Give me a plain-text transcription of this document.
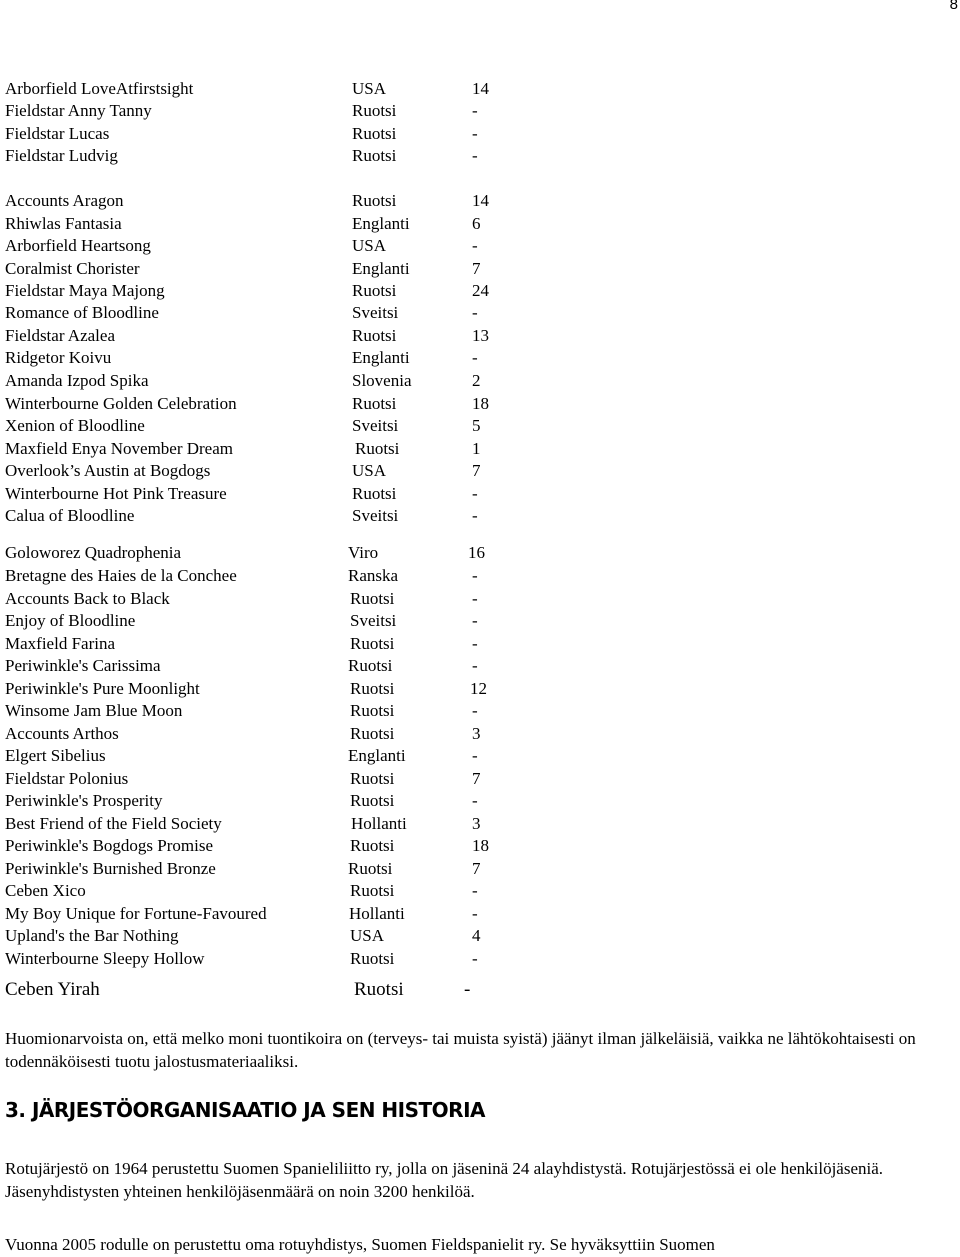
8
Arborfield LoveAtfirstsight	USA	14
Fieldstar Anny Tanny	Ruotsi	-
Fieldstar Lucas	Ruotsi	-
Fieldstar Ludvig	Ruotsi	-
Accounts Aragon	Ruotsi	14
Rhiwlas Fantasia	Englanti	6
Arborfield Heartsong	USA	-
Coralmist Chorister	Englanti	7
Fieldstar Maya Majong	Ruotsi	24
Romance of Bloodline	Sveitsi	-
Fieldstar Azalea	Ruotsi	13
Ridgetor Koivu	Englanti	-
Amanda Izpod Spika	Slovenia	2
Winterbourne Golden Celebration	Ruotsi	18
Xenion of Bloodline	Sveitsi	5
Maxfield Enya November Dream	Ruotsi	1
Overlook’s Austin at Bogdogs	USA	7
Winterbourne Hot Pink Treasure	Ruotsi	-
Calua of Bloodline	Sveitsi	-
Goloworez Quadrophenia	Viro	16
Bretagne des Haies de la Conchee	Ranska	-
Accounts Back to Black	Ruotsi	-
Enjoy of Bloodline	Sveitsi	-
Maxfield Farina	Ruotsi	-
Periwinkle's Carissima	Ruotsi	-
Periwinkle's Pure Moonlight	Ruotsi	12
Winsome Jam Blue Moon	Ruotsi	-
Accounts Arthos	Ruotsi	3
Elgert Sibelius	Englanti	-
Fieldstar Polonius	Ruotsi	7
Periwinkle's Prosperity	Ruotsi	-
Best Friend of the Field Society	Hollanti	3
Periwinkle's Bogdogs Promise	Ruotsi	18
Periwinkle's Burnished Bronze	Ruotsi	7
Ceben Xico	Ruotsi	-
My Boy Unique for Fortune-Favoured	Hollanti	-
Upland's the Bar Nothing	USA	4
Winterbourne Sleepy Hollow	Ruotsi	-
Ceben Yirah	Ruotsi	-
Huomionarvoista on, että melko moni tuontikoira on (terveys- tai muista syistä) jäänyt ilman jälkeläisiä, vaikka ne lähtökohtaisesti on todennäköisesti tuotu jalostusmateriaaliksi.
3. JÄRJESTÖORGANISAATIO JA SEN HISTORIA
Rotujärjestö on 1964 perustettu Suomen Spanieliliitto ry, jolla on jäseninä 24 alayhdistystä. Rotujärjestössä ei ole henkilöjäseniä. Jäsenyhdistysten yhteinen henkilöjäsenmäärä on noin 3200 henkilöä.
Vuonna 2005 rodulle on perustettu oma rotuyhdistys, Suomen Fieldspanielit ry. Se hyväksyttiin Suomen
